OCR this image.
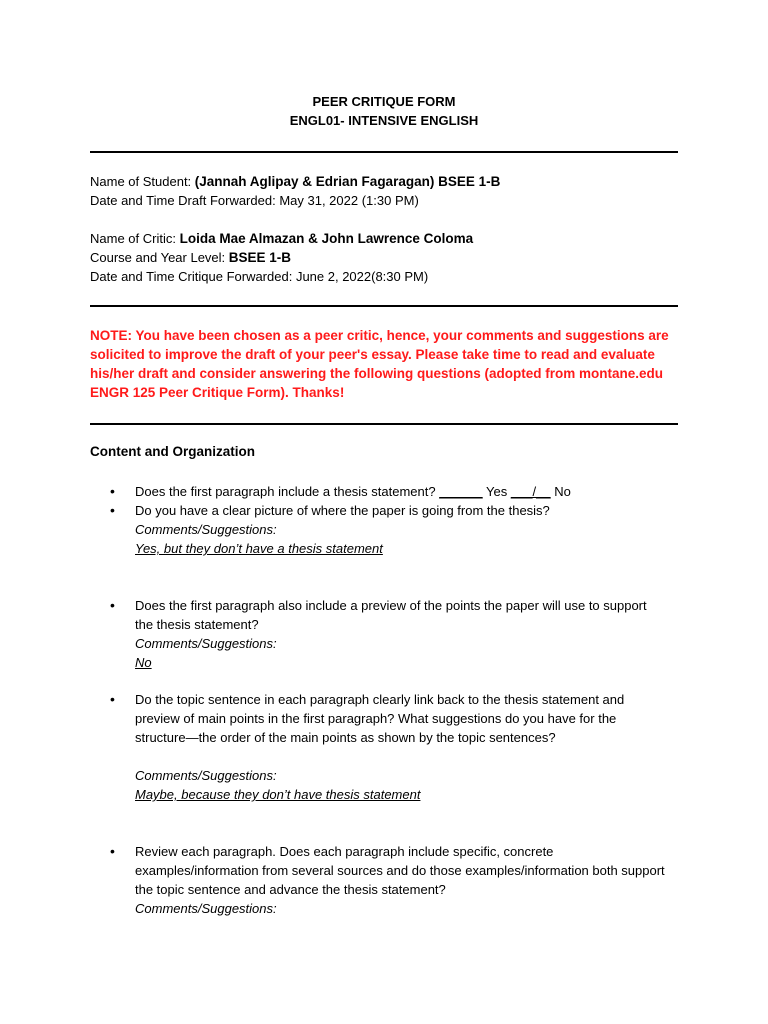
PEER CRITIQUE FORM
ENGL01- INTENSIVE ENGLISH
Name of Student: (Jannah Aglipay & Edrian Fagaragan) BSEE 1-B
Date and Time Draft Forwarded: May 31, 2022 (1:30 PM)
Name of Critic: Loida Mae Almazan & John Lawrence Coloma
Course and Year Level: BSEE 1-B
Date and Time Critique Forwarded: June 2, 2022(8:30 PM)
NOTE: You have been chosen as a peer critic, hence, your comments and suggestions are solicited to improve the draft of your peer's essay. Please take time to read and evaluate his/her draft and consider answering the following questions (adopted from montane.edu ENGR 125 Peer Critique Form). Thanks!
Content and Organization
• Does the first paragraph include a thesis statement? ______ Yes ___/__ No
• Do you have a clear picture of where the paper is going from the thesis?
Comments/Suggestions:
Yes, but they don’t have a thesis statement
• Does the first paragraph also include a preview of the points the paper will use to support the thesis statement?
Comments/Suggestions:
No
• Do the topic sentence in each paragraph clearly link back to the thesis statement and preview of main points in the first paragraph? What suggestions do you have for the structure—the order of the main points as shown by the topic sentences?
Comments/Suggestions:
Maybe, because they don’t have thesis statement
• Review each paragraph. Does each paragraph include specific, concrete examples/information from several sources and do those examples/information both support the topic sentence and advance the thesis statement?
Comments/Suggestions:
